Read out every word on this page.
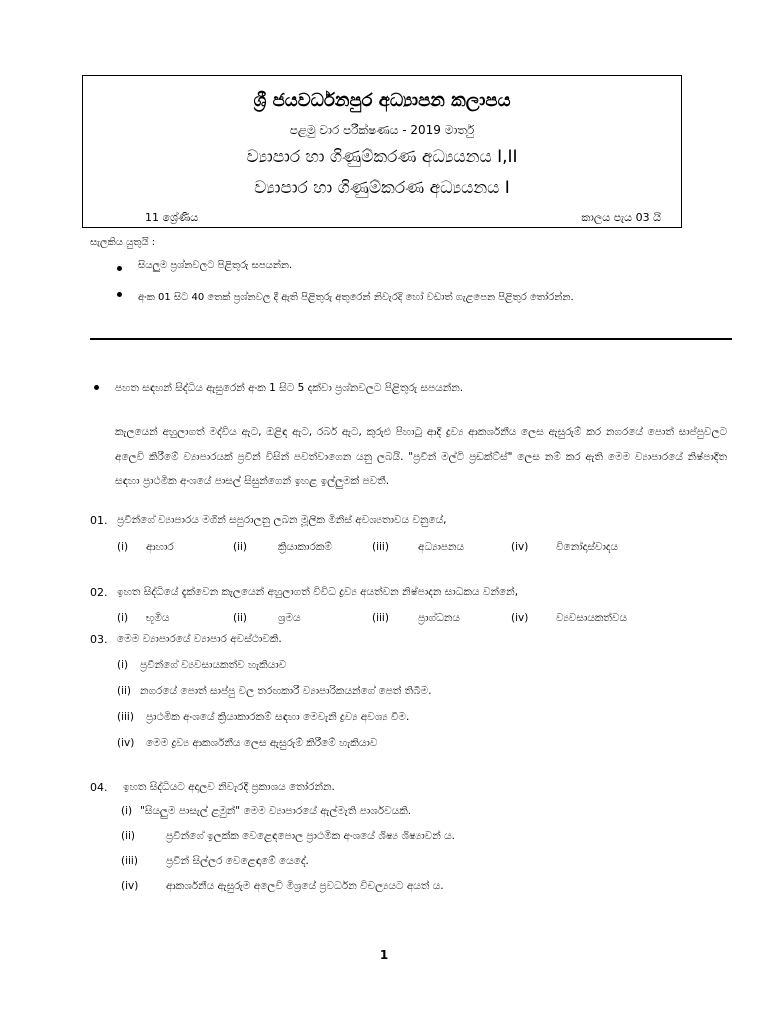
ශ්‍රී ජයවර්ධනපුර අධ්‍යාපන කලාපය
පළමු වාර පරීක්ෂණය - 2019 මාර්තු
ව්‍යාපාර හා ගිණුම්කරණ අධ්‍යයනය I,II
ව්‍යාපාර හා ගිණුම්කරණ අධ්‍යයනය I
11 ශ්‍රේණිය	කාලය පැය 03 යි
සැලකිය යුතුයි :
සියලුම ප්‍රශ්නවලට පිළිතුරු සපයන්න.
අංක 01 සිට 40 තෙක් ප්‍රශ්නවල දී ඇති පිළිතුරු අතුරෙන් නිවැරදි හෝ වඩාත් ගැළපෙන පිළිතුර තෝරන්න.
පහත සඳහන් සිද්ධිය ඇසුරෙන් අංක 1 සිට 5 දක්වා ප්‍රශ්නවලට පිළිතුරු සපයන්න.
කැලයෙන් අහුලාගත් මද්විය ඇට, ඔළිඳ ඇට, රබර් ඇට, කුරුළු පිහාටු ආදි ද්‍රව්‍ය ආකර්ශනීය ලෙස ඇසුරුම් කර නගරයේ පොත් සාප්පුවලට අලෙවි කිරීමේ ව්‍යාපාරයක් ප්‍රවීන් විසින් පවත්වාගෙන යනු ලබයි. "ප්‍රවීන් මල්ටි ප්‍රඩක්ට්ස්" ලෙස නම් කර ඇති මෙම ව්‍යාපාරයේ නිෂ්පාදිත සඳහා ප්‍රාථමික අංශයේ පාසල් සිසුන්ගෙන් ඉහළ ඉල්ලුමක් පවතී.
01. ප්‍රවීන්ගේ ව්‍යාපාරය මගින් සපුරාලනු ලබන මූලික මිනිස් අවශ්‍යතාවය වනුයේ,
(i) ආහාර	(ii)	ක්‍රියාකාරකම්	(iii)	අධ්‍යාපනය	(iv)	විනෝදාස්වාදය
02. ඉහත සිද්ධියේ දැක්වෙන කැලයෙන් අහුලාගත් විවිධ ද්‍රව්‍ය අයත්වන නිෂ්පාදන සාධකය වන්නේ,
(i) භූමිය	(ii)	ශ්‍රමය	(iii)	ප්‍රාග්ධනය	(iv)	ව්‍යවසායකත්වය
03. මෙම ව්‍යාපාරයේ ව්‍යාපාර අවස්ථාවකි.
(i) ප්‍රවීන්ගේ ව්‍යවසායකත්ව හැකියාව
(ii) නගරයේ පොත් සාප්පු වල තරඟකාරී ව්‍යාපාරිකයන්ගේ පෙත් තිබීම.
(iii) ප්‍රාථමික අංශයේ ක්‍රියාකාරකම් සඳහා මෙවැනි ද්‍රව්‍ය අවශ්‍ය වීම.
(iv) මෙම ද්‍රව්‍ය ආකර්ශනීය ලෙස ඇසුරුම් කිරීමේ හැකියාව
04. ඉහත සිද්ධියට අදාලව නිවැරදි ප්‍රකාශය තෝරන්න.
(i) "සියලුම පාසැල් ළමුන්" මෙම ව්‍යාපාරයේ ඇල්මැති පාර්ශවයකි.
(ii)	ප්‍රවීන්ගේ ඉලක්ක වෙළෙඳපොල ප්‍රාථමික අංශයේ ශිෂ්‍ය ශිෂ්‍යාවන් ය.
(iii)	ප්‍රවීන් සිල්ලර වෙළෙඳාමේ යෙදේ.
(iv)	ආකර්ශනීය ඇසුරුම අලෙවි මිශ්‍රයේ ප්‍රවර්ධන විචල්‍යයට අයත් ය.
1
